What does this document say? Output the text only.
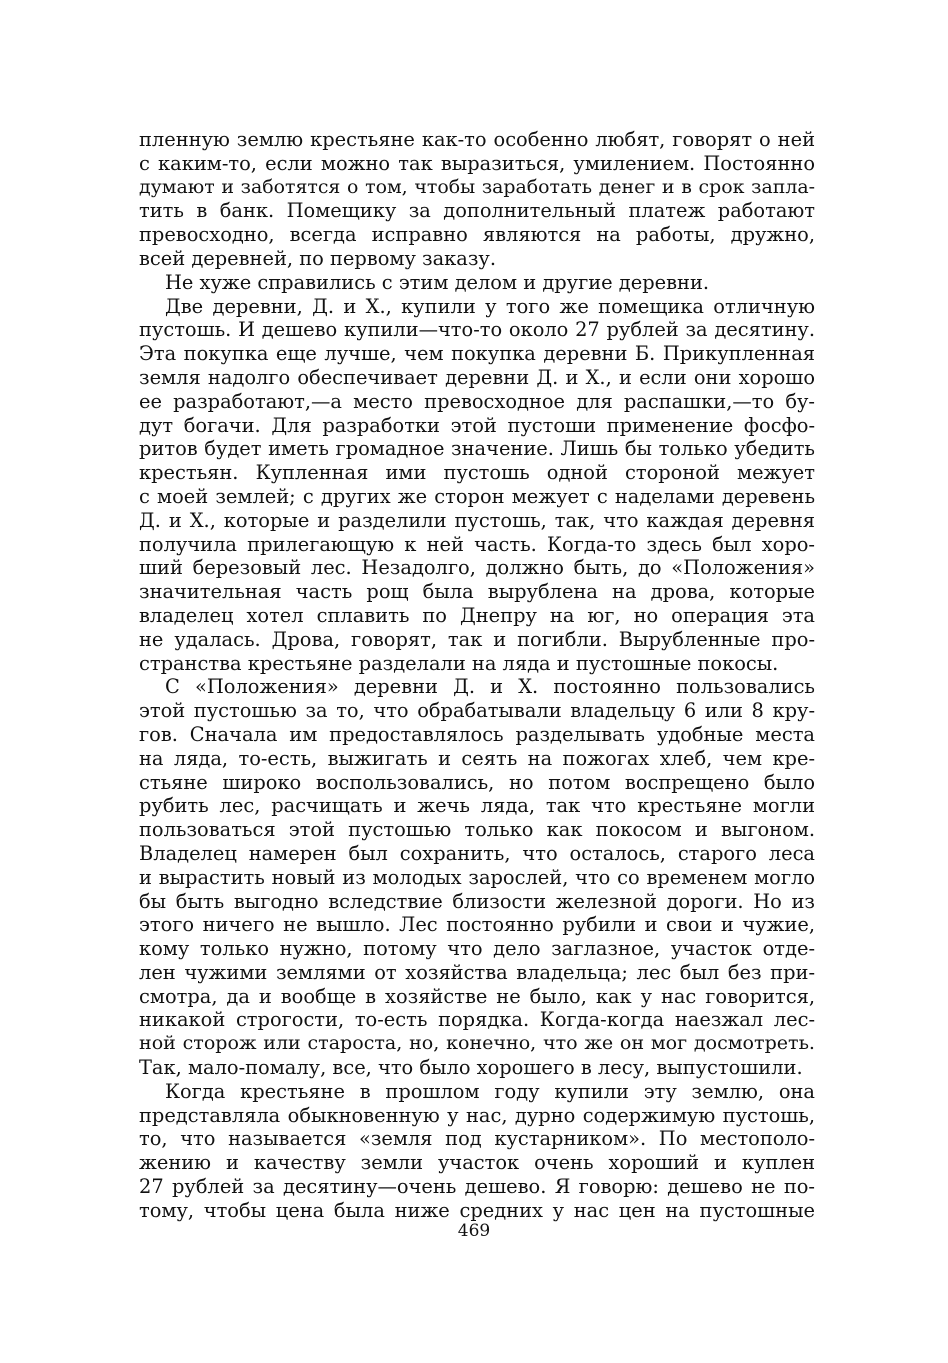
пленную землю крестьяне как-то особенно любят, говорят о ней
с каким-то, если можно так выразиться, умилением. Постоянно
думают и заботятся о том, чтобы заработать денег и в срок запла-
тить в банк. Помещику за дополнительный платеж работают
превосходно, всегда исправно являются на работы, дружно,
всей деревней, по первому заказу.
Не хуже справились с этим делом и другие деревни.
Две деревни, Д. и Х., купили у того же помещика отличную
пустошь. И дешево купили—что-то около 27 рублей за десятину.
Эта покупка еще лучше, чем покупка деревни Б. Прикупленная
земля надолго обеспечивает деревни Д. и Х., и если они хорошо
ее разработают,—а место превосходное для распашки,—то бу-
дут богачи. Для разработки этой пустоши применение фосфо-
ритов будет иметь громадное значение. Лишь бы только убедить
крестьян. Купленная ими пустошь одной стороной межует
с моей землей; с других же сторон межует с наделами деревень
Д. и Х., которые и разделили пустошь, так, что каждая деревня
получила прилегающую к ней часть. Когда-то здесь был хоро-
ший березовый лес. Незадолго, должно быть, до «Положения»
значительная часть рощ была вырублена на дрова, которые
владелец хотел сплавить по Днепру на юг, но операция эта
не удалась. Дрова, говорят, так и погибли. Вырубленные про-
странства крестьяне разделали на ляда и пустошные покосы.
С «Положения» деревни Д. и Х. постоянно пользовались
этой пустошью за то, что обрабатывали владельцу 6 или 8 кру-
гов. Сначала им предоставлялось разделывать удобные места
на ляда, то-есть, выжигать и сеять на пожогах хлеб, чем кре-
стьяне широко воспользовались, но потом воспрещено было
рубить лес, расчищать и жечь ляда, так что крестьяне могли
пользоваться этой пустошью только как покосом и выгоном.
Владелец намерен был сохранить, что осталось, старого леса
и вырастить новый из молодых зарослей, что со временем могло
бы быть выгодно вследствие близости железной дороги. Но из
этого ничего не вышло. Лес постоянно рубили и свои и чужие,
кому только нужно, потому что дело заглазное, участок отде-
лен чужими землями от хозяйства владельца; лес был без при-
смотра, да и вообще в хозяйстве не было, как у нас говорится,
никакой строгости, то-есть порядка. Когда-когда наезжал лес-
ной сторож или староста, но, конечно, что же он мог досмотреть.
Так, мало-помалу, все, что было хорошего в лесу, выпустошили.
Когда крестьяне в прошлом году купили эту землю, она
представляла обыкновенную у нас, дурно содержимую пустошь,
то, что называется «земля под кустарником». По местополо-
жению и качеству земли участок очень хороший и куплен
27 рублей за десятину—очень дешево. Я говорю: дешево не по-
тому, чтобы цена была ниже средних у нас цен на пустошные
469
